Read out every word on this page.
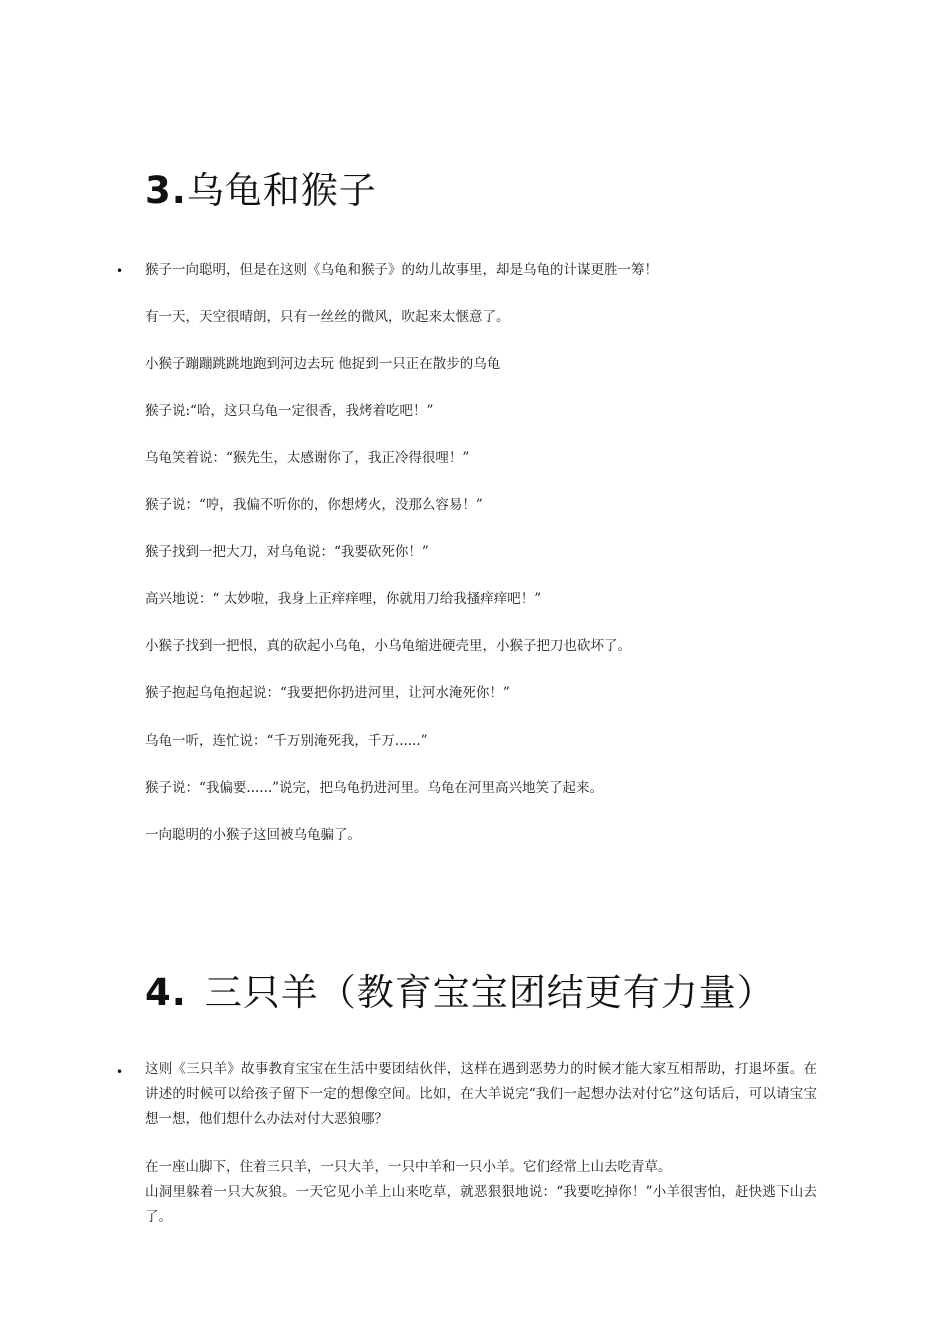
3.乌龟和猴子
• 猴子一向聪明，但是在这则《乌龟和猴子》的幼儿故事里，却是乌龟的计谋更胜一筹！
有一天，天空很晴朗，只有一丝丝的微风，吹起来太惬意了。
小猴子蹦蹦跳跳地跑到河边去玩 他捉到一只正在散步的乌龟
猴子说:“哈，这只乌龟一定很香，我烤着吃吧！”
乌龟笑着说：“猴先生，太感谢你了，我正冷得很哩！”
猴子说：“哼，我偏不听你的，你想烤火，没那么容易！”
猴子找到一把大刀，对乌龟说：“我要砍死你！”
高兴地说：“ 太妙啦，我身上正痒痒哩，你就用刀给我搔痒痒吧！”
小猴子找到一把恨，真的砍起小乌龟，小乌龟缩进硬壳里，小猴子把刀也砍坏了。
猴子抱起乌龟抱起说：“我要把你扔进河里，让河水淹死你！”
乌龟一听，连忙说：“千万别淹死我，千万......”
猴子说：“我偏要......”说完，把乌龟扔进河里。乌龟在河里高兴地笑了起来。
一向聪明的小猴子这回被乌龟骗了。
4. 三只羊（教育宝宝团结更有力量）
• 这则《三只羊》故事教育宝宝在生活中要团结伙伴，这样在遇到恶势力的时候才能大家互相帮助，打退坏蛋。在讲述的时候可以给孩子留下一定的想像空间。比如，在大羊说完“我们一起想办法对付它”这句话后，可以请宝宝想一想，他们想什么办法对付大恶狼哪？
在一座山脚下，住着三只羊，一只大羊，一只中羊和一只小羊。它们经常上山去吃青草。
山洞里躲着一只大灰狼。一天它见小羊上山来吃草，就恶狠狠地说：“我要吃掉你！”小羊很害怕，赶快逃下山去了。
